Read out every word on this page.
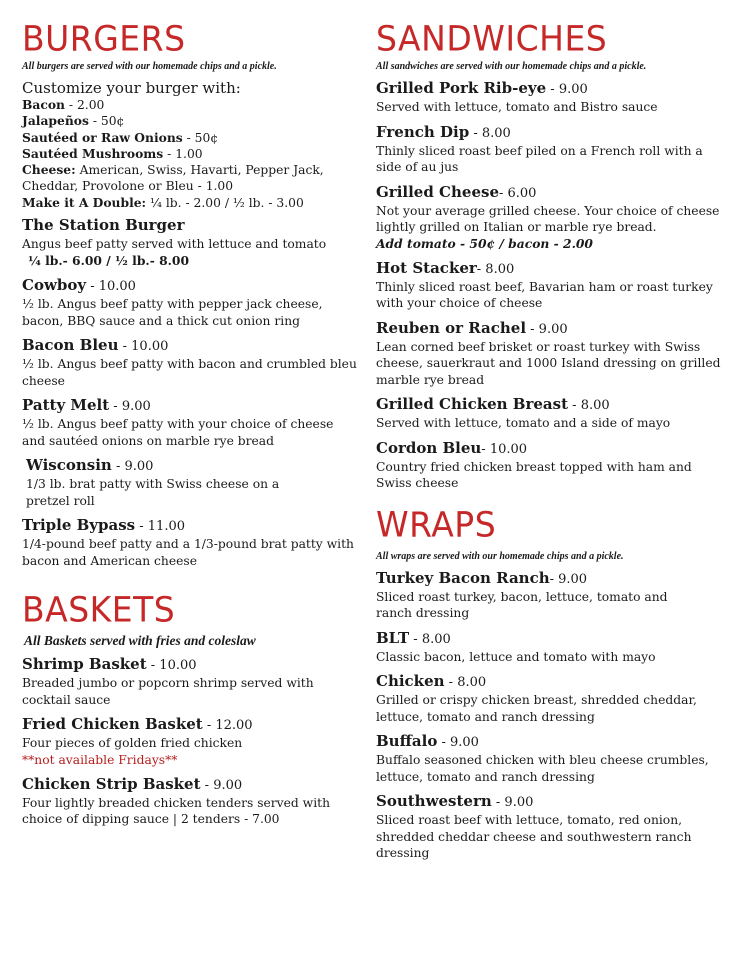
BURGERS
All burgers are served with our homemade chips and a pickle.
Customize your burger with:
Bacon - 2.00
Jalapeños - 50¢
Sautéed or Raw Onions - 50¢
Sautéed Mushrooms - 1.00
Cheese: American, Swiss, Havarti, Pepper Jack, Cheddar, Provolone or Bleu - 1.00
Make it A Double: ¼ lb. - 2.00 / ½ lb. - 3.00
The Station Burger
Angus beef patty served with lettuce and tomato
¼ lb.- 6.00 / ½ lb.- 8.00
Cowboy - 10.00
½ lb. Angus beef patty with pepper jack cheese, bacon, BBQ sauce and a thick cut onion ring
Bacon Bleu - 10.00
½ lb. Angus beef patty with bacon and crumbled bleu cheese
Patty Melt - 9.00
½ lb. Angus beef patty with your choice of cheese and sautéed onions on marble rye bread
Wisconsin - 9.00
1/3 lb. brat patty with Swiss cheese on a pretzel roll
Triple Bypass - 11.00
1/4-pound beef patty and a 1/3-pound brat patty with bacon and American cheese
BASKETS
All Baskets served with fries and coleslaw
Shrimp Basket - 10.00
Breaded jumbo or popcorn shrimp served with cocktail sauce
Fried Chicken Basket - 12.00
Four pieces of golden fried chicken
**not available Fridays**
Chicken Strip Basket - 9.00
Four lightly breaded chicken tenders served with choice of dipping sauce | 2 tenders - 7.00
SANDWICHES
All sandwiches are served with our homemade chips and a pickle.
Grilled Pork Rib-eye - 9.00
Served with lettuce, tomato and Bistro sauce
French Dip - 8.00
Thinly sliced roast beef piled on a French roll with a side of au jus
Grilled Cheese- 6.00
Not your average grilled cheese. Your choice of cheese lightly grilled on Italian or marble rye bread.
Add tomato - 50¢ / bacon - 2.00
Hot Stacker- 8.00
Thinly sliced roast beef, Bavarian ham or roast turkey with your choice of cheese
Reuben or Rachel - 9.00
Lean corned beef brisket or roast turkey with Swiss cheese, sauerkraut and 1000 Island dressing on grilled marble rye bread
Grilled Chicken Breast - 8.00
Served with lettuce, tomato and a side of mayo
Cordon Bleu- 10.00
Country fried chicken breast topped with ham and Swiss cheese
WRAPS
All wraps are served with our homemade chips and a pickle.
Turkey Bacon Ranch- 9.00
Sliced roast turkey, bacon, lettuce, tomato and ranch dressing
BLT - 8.00
Classic bacon, lettuce and tomato with mayo
Chicken - 8.00
Grilled or crispy chicken breast, shredded cheddar, lettuce, tomato and ranch dressing
Buffalo - 9.00
Buffalo seasoned chicken with bleu cheese crumbles, lettuce, tomato and ranch dressing
Southwestern - 9.00
Sliced roast beef with lettuce, tomato, red onion, shredded cheddar cheese and southwestern ranch dressing
